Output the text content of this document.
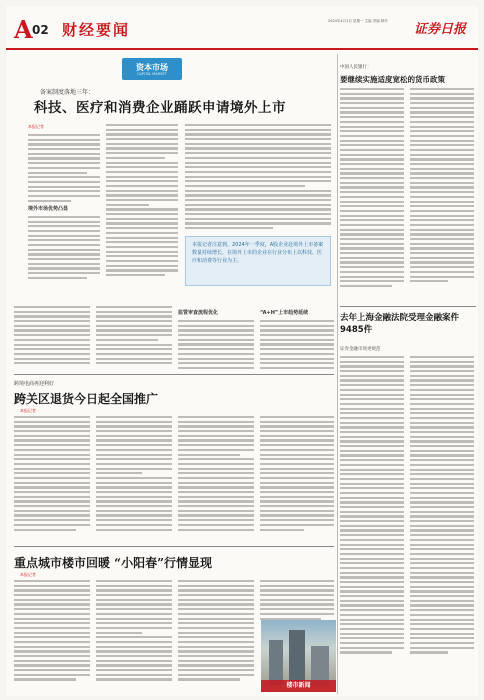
A 02 财经要闻	2024年4月1日 星期一 主编 责编 制作
证券日报
资本市场
CAPITAL MARKET
备案制度落地三年：
科技、医疗和消费企业踊跃申请境外上市
本报记者
境外市场优势凸显
本报记者注意到，2024年一季度，A股企业赴境外上市备案数量持续增长，在境外上市的企业在行业分布上以科技、医疗和消费等行业为主。
监管审查流程优化	“A+H”上市趋势延续
跨境电商再迎利好
跨关区退货今日起全国推广
本报记者
重点城市楼市回暖 “小阳春”行情显现
本报记者
楼市新闻
中国人民银行：
要继续实施适度宽松的货币政策
去年上海金融法院受理金融案件9485件
证券金融市场更规范
